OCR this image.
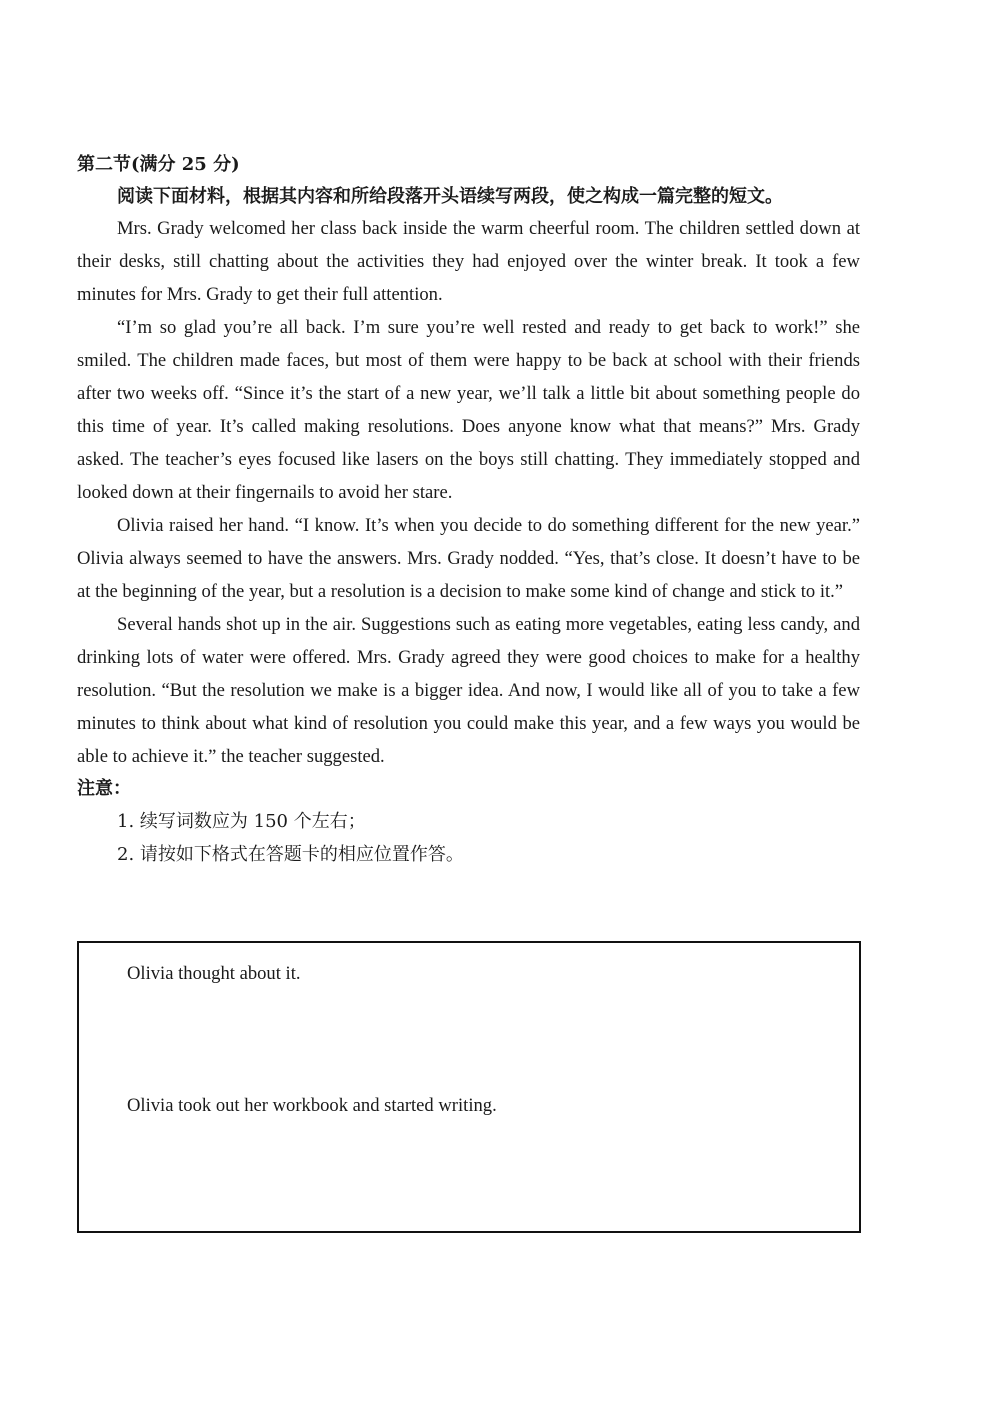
第二节(满分 25 分)

阅读下面材料，根据其内容和所给段落开头语续写两段，使之构成一篇完整的短文。

Mrs. Grady welcomed her class back inside the warm cheerful room. The children settled down at their desks, still chatting about the activities they had enjoyed over the winter break. It took a few minutes for Mrs. Grady to get their full attention.

“I’m so glad you’re all back. I’m sure you’re well rested and ready to get back to work!” she smiled. The children made faces, but most of them were happy to be back at school with their friends after two weeks off. “Since it’s the start of a new year, we’ll talk a little bit about something people do this time of year. It’s called making resolutions. Does anyone know what that means?” Mrs. Grady asked. The teacher’s eyes focused like lasers on the boys still chatting. They immediately stopped and looked down at their fingernails to avoid her stare.

Olivia raised her hand. “I know. It’s when you decide to do something different for the new year.” Olivia always seemed to have the answers. Mrs. Grady nodded. “Yes, that’s close. It doesn’t have to be at the beginning of the year, but a resolution is a decision to make some kind of change and stick to it.”

Several hands shot up in the air. Suggestions such as eating more vegetables, eating less candy, and drinking lots of water were offered. Mrs. Grady agreed they were good choices to make for a healthy resolution. “But the resolution we make is a bigger idea. And now, I would like all of you to take a few minutes to think about what kind of resolution you could make this year, and a few ways you would be able to achieve it.” the teacher suggested.

注意：

1. 续写词数应为 150 个左右；

2. 请按如下格式在答题卡的相应位置作答。

Olivia thought about it.

Olivia took out her workbook and started writing.
